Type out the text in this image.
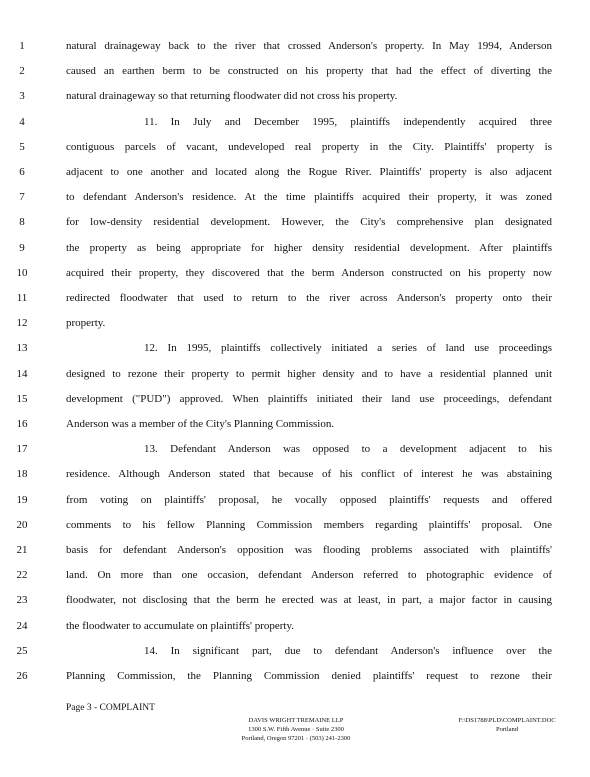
1	natural drainageway back to the river that crossed Anderson's property. In May 1994, Anderson
2	caused an earthen berm to be constructed on his property that had the effect of diverting the
3	natural drainageway so that returning floodwater did not cross his property.
4	11. In July and December 1995, plaintiffs independently acquired three
5	contiguous parcels of vacant, undeveloped real property in the City. Plaintiffs' property is
6	adjacent to one another and located along the Rogue River. Plaintiffs' property is also adjacent
7	to defendant Anderson's residence. At the time plaintiffs acquired their property, it was zoned
8	for low-density residential development. However, the City's comprehensive plan designated
9	the property as being appropriate for higher density residential development. After plaintiffs
10	acquired their property, they discovered that the berm Anderson constructed on his property now
11	redirected floodwater that used to return to the river across Anderson's property onto their
12	property.
13	12. In 1995, plaintiffs collectively initiated a series of land use proceedings
14	designed to rezone their property to permit higher density and to have a residential planned unit
15	development ("PUD") approved. When plaintiffs initiated their land use proceedings, defendant
16	Anderson was a member of the City's Planning Commission.
17	13. Defendant Anderson was opposed to a development adjacent to his
18	residence. Although Anderson stated that because of his conflict of interest he was abstaining
19	from voting on plaintiffs' proposal, he vocally opposed plaintiffs' requests and offered
20	comments to his fellow Planning Commission members regarding plaintiffs' proposal. One
21	basis for defendant Anderson's opposition was flooding problems associated with plaintiffs'
22	land. On more than one occasion, defendant Anderson referred to photographic evidence of
23	floodwater, not disclosing that the berm he erected was at least, in part, a major factor in causing
24	the floodwater to accumulate on plaintiffs' property.
25	14. In significant part, due to defendant Anderson's influence over the
26	Planning Commission, the Planning Commission denied plaintiffs' request to rezone their
Page 3 - COMPLAINT
DAVIS WRIGHT TREMAINE LLP
1300 S.W. Fifth Avenue · Suite 2300
Portland, Oregon 97201 · (503) 241-2300
F:\DS1788\PLD\COMPLAINT.DOC
Portland
